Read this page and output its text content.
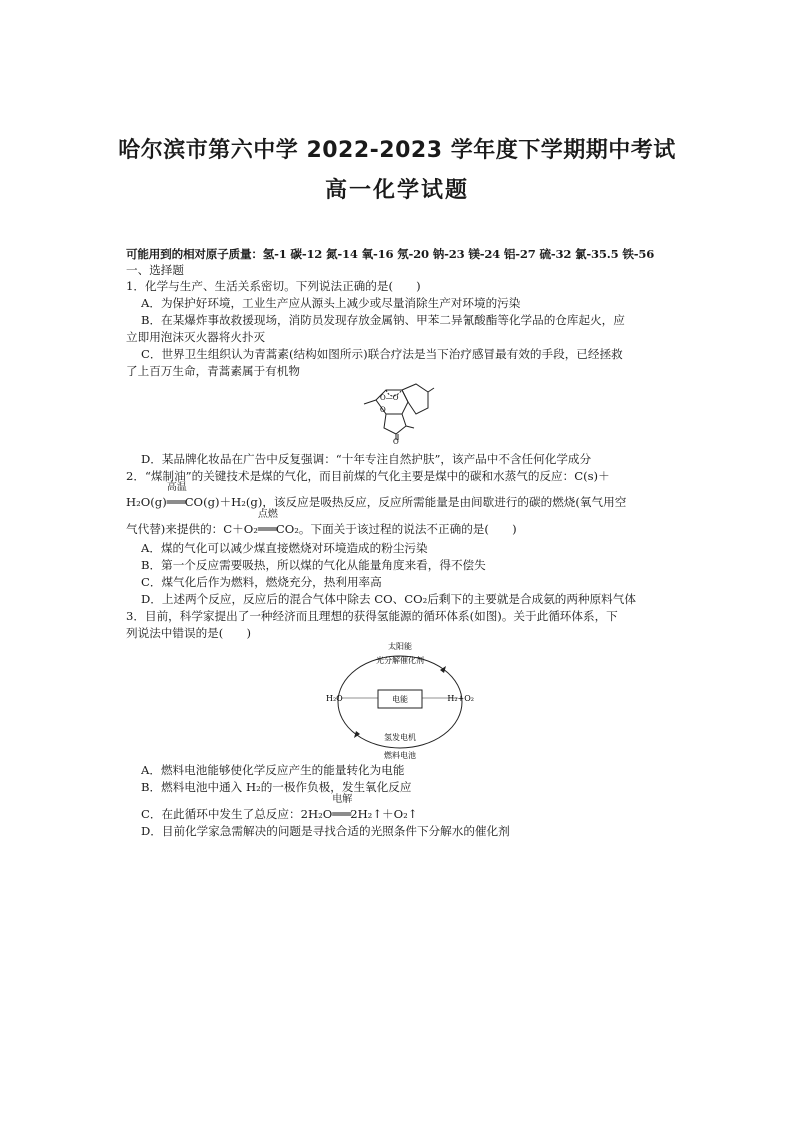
哈尔滨市第六中学 2022-2023 学年度下学期期中考试
高一化学试题
可能用到的相对原子质量：氢-1 碳-12 氮-14 氧-16 氖-20 钠-23 镁-24 铝-27 硫-32 氯-35.5 铁-56
一、选择题
1．化学与生产、生活关系密切。下列说法正确的是(　　)
A．为保护好环境，工业生产应从源头上减少或尽量消除生产对环境的污染
B．在某爆炸事故救援现场，消防员发现存放金属钠、甲苯二异氰酸酯等化学品的仓库起火，应
立即用泡沫灭火器将火扑灭
C．世界卫生组织认为青蒿素(结构如图所示)联合疗法是当下治疗感冒最有效的手段，已经拯救
了上百万生命，青蒿素属于有机物
O—O
O
O
D．某品牌化妆品在广告中反复强调：“十年专注自然护肤”，该产品中不含任何化学成分
2．“煤制油”的关键技术是煤的气化，而目前煤的气化主要是煤中的碳和水蒸气的反应：C(s)＋
H₂O(g)
高温
═══CO(g)＋H₂(g)，该反应是吸热反应，反应所需能量是由间歇进行的碳的燃烧(氧气用空
气代替)来提供的：C＋O₂
点燃
═══CO₂。下面关于该过程的说法不正确的是(　　)
A．煤的气化可以减少煤直接燃烧对环境造成的粉尘污染
B．第一个反应需要吸热，所以煤的气化从能量角度来看，得不偿失
C．煤气化后作为燃料，燃烧充分，热利用率高
D．上述两个反应，反应后的混合气体中除去 CO、CO₂后剩下的主要就是合成氨的两种原料气体
3．目前，科学家提出了一种经济而且理想的获得氢能源的循环体系(如图)。关于此循环体系，下
列说法中错误的是(　　)
太阳能
光分解催化剂
H₂O	电能	H₂+O₂
氢发电机
燃料电池
A．燃料电池能够使化学反应产生的能量转化为电能
B．燃料电池中通入 H₂的一极作负极，发生氧化反应
C．在此循环中发生了总反应：2H₂O
电解
═══2H₂↑＋O₂↑
D．目前化学家急需解决的问题是寻找合适的光照条件下分解水的催化剂
